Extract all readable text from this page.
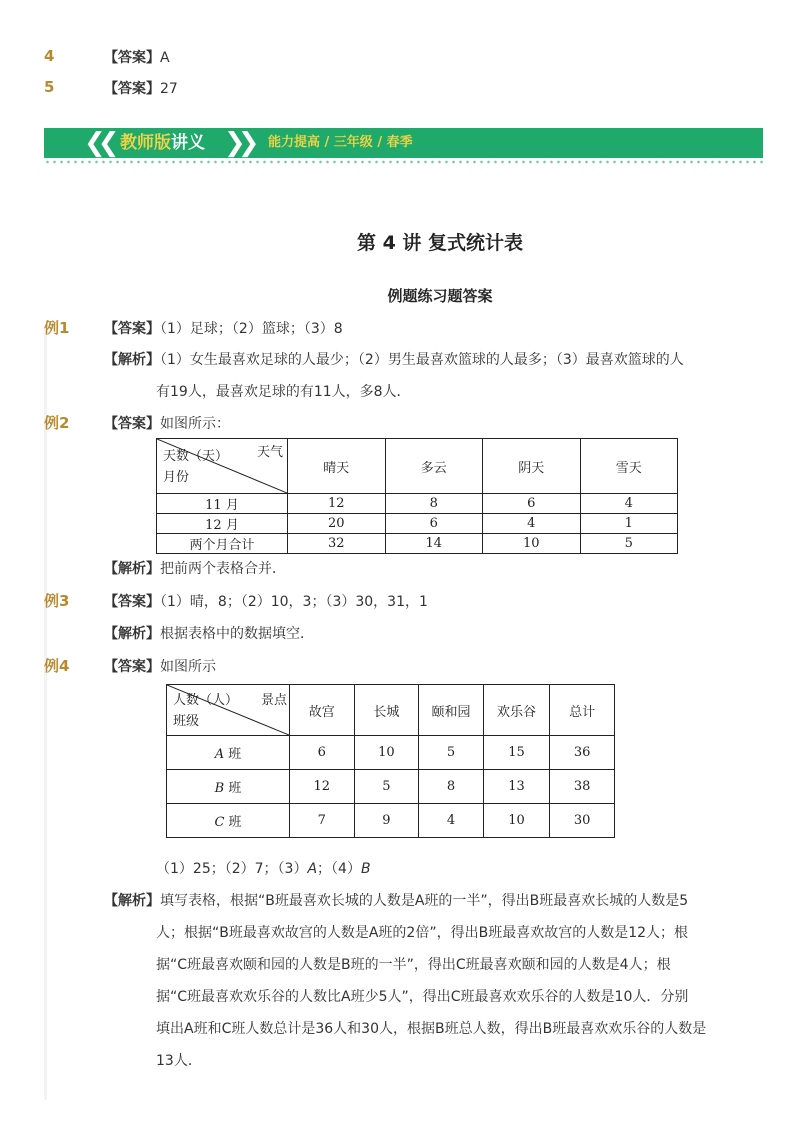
4	【答案】A
5	【答案】27
❮❮ 教师版讲义 ❯❯ 能力提高 / 三年级 / 春季
第 4 讲 复式统计表
例题练习题答案
例1 【答案】（1）足球；（2）篮球；（3）8
【解析】（1）女生最喜欢足球的人最少；（2）男生最喜欢篮球的人最多；（3）最喜欢篮球的人
有19人，最喜欢足球的有11人，多8人．
例2 【答案】如图所示：
天数（天） 天气
月份	晴天	多云	阴天	雪天
11 月	12	8	6	4
12 月	20	6	4	1
两个月合计	32	14	10	5
【解析】把前两个表格合并．
例3 【答案】（1）晴，8；（2）10，3；（3）30，31，1
【解析】根据表格中的数据填空．
例4 【答案】如图所示
人数（人） 景点
班级	故宫	长城	颐和园	欢乐谷	总计
A 班	6	10	5	15	36
B 班	12	5	8	13	38
C 班	7	9	4	10	30
（1）25；（2）7；（3）A；（4）B
【解析】填写表格，根据“B班最喜欢长城的人数是A班的一半”，得出B班最喜欢长城的人数是5
人；根据“B班最喜欢故宫的人数是A班的2倍”，得出B班最喜欢故宫的人数是12人；根
据“C班最喜欢颐和园的人数是B班的一半”，得出C班最喜欢颐和园的人数是4人；根
据“C班最喜欢欢乐谷的人数比A班少5人”，得出C班最喜欢欢乐谷的人数是10人．分别
填出A班和C班人数总计是36人和30人，根据B班总人数，得出B班最喜欢欢乐谷的人数是
13人．
